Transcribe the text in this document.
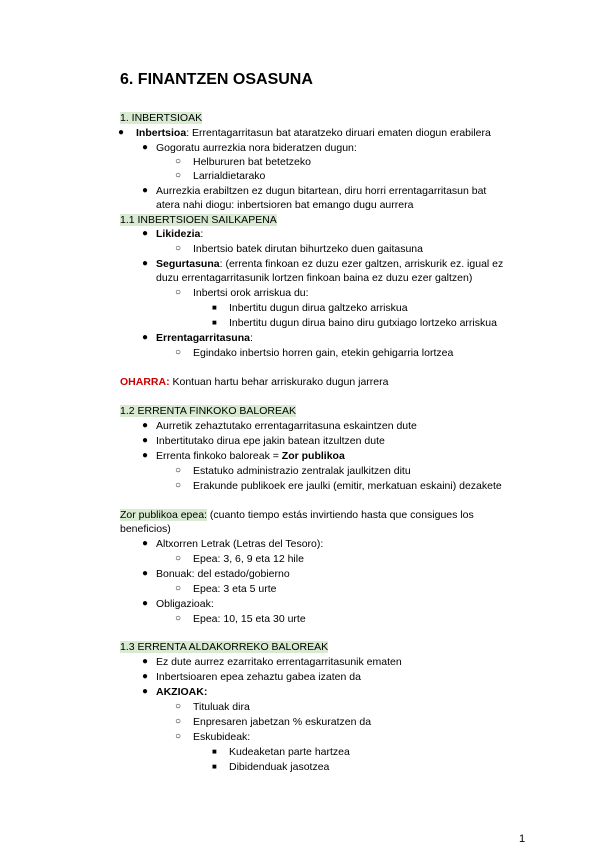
6. FINANTZEN OSASUNA
1. INBERTSIOAK
● Inbertsioa: Errentagarritasun bat ataratzeko diruari ematen diogun erabilera
● Gogoratu aurrezkia nora bideratzen dugun:
○ Helbururen bat betetzeko
○ Larrialdietarako
● Aurrezkia erabiltzen ez dugun bitartean, diru horri errentagarritasun bat
atera nahi diogu: inbertsioren bat emango dugu aurrera
1.1 INBERTSIOEN SAILKAPENA
● Likidezia:
○ Inbertsio batek dirutan bihurtzeko duen gaitasuna
● Segurtasuna: (errenta finkoan ez duzu ezer galtzen, arriskurik ez. igual ez
duzu errentagarritasunik lortzen finkoan baina ez duzu ezer galtzen)
○ Inbertsi orok arriskua du:
■ Inbertitu dugun dirua galtzeko arriskua
■ Inbertitu dugun dirua baino diru gutxiago lortzeko arriskua
● Errentagarritasuna:
○ Egindako inbertsio horren gain, etekin gehigarria lortzea
OHARRA: Kontuan hartu behar arriskurako dugun jarrera
1.2 ERRENTA FINKOKO BALOREAK
● Aurretik zehaztutako errentagarritasuna eskaintzen dute
● Inbertitutako dirua epe jakin batean itzultzen dute
● Errenta finkoko baloreak = Zor publikoa
○ Estatuko administrazio zentralak jaulkitzen ditu
○ Erakunde publikoek ere jaulki (emitir, merkatuan eskaini) dezakete
Zor publikoa epea: (cuanto tiempo estás invirtiendo hasta que consigues los
beneficios)
● Altxorren Letrak (Letras del Tesoro):
○ Epea: 3, 6, 9 eta 12 hile
● Bonuak: del estado/gobierno
○ Epea: 3 eta 5 urte
● Obligazioak:
○ Epea: 10, 15 eta 30 urte
1.3 ERRENTA ALDAKORREKO BALOREAK
● Ez dute aurrez ezarritako errentagarritasunik ematen
● Inbertsioaren epea zehaztu gabea izaten da
● AKZIOAK:
○ Tituluak dira
○ Enpresaren jabetzan % eskuratzen da
○ Eskubideak:
■ Kudeaketan parte hartzea
■ Dibidenduak jasotzea
1
